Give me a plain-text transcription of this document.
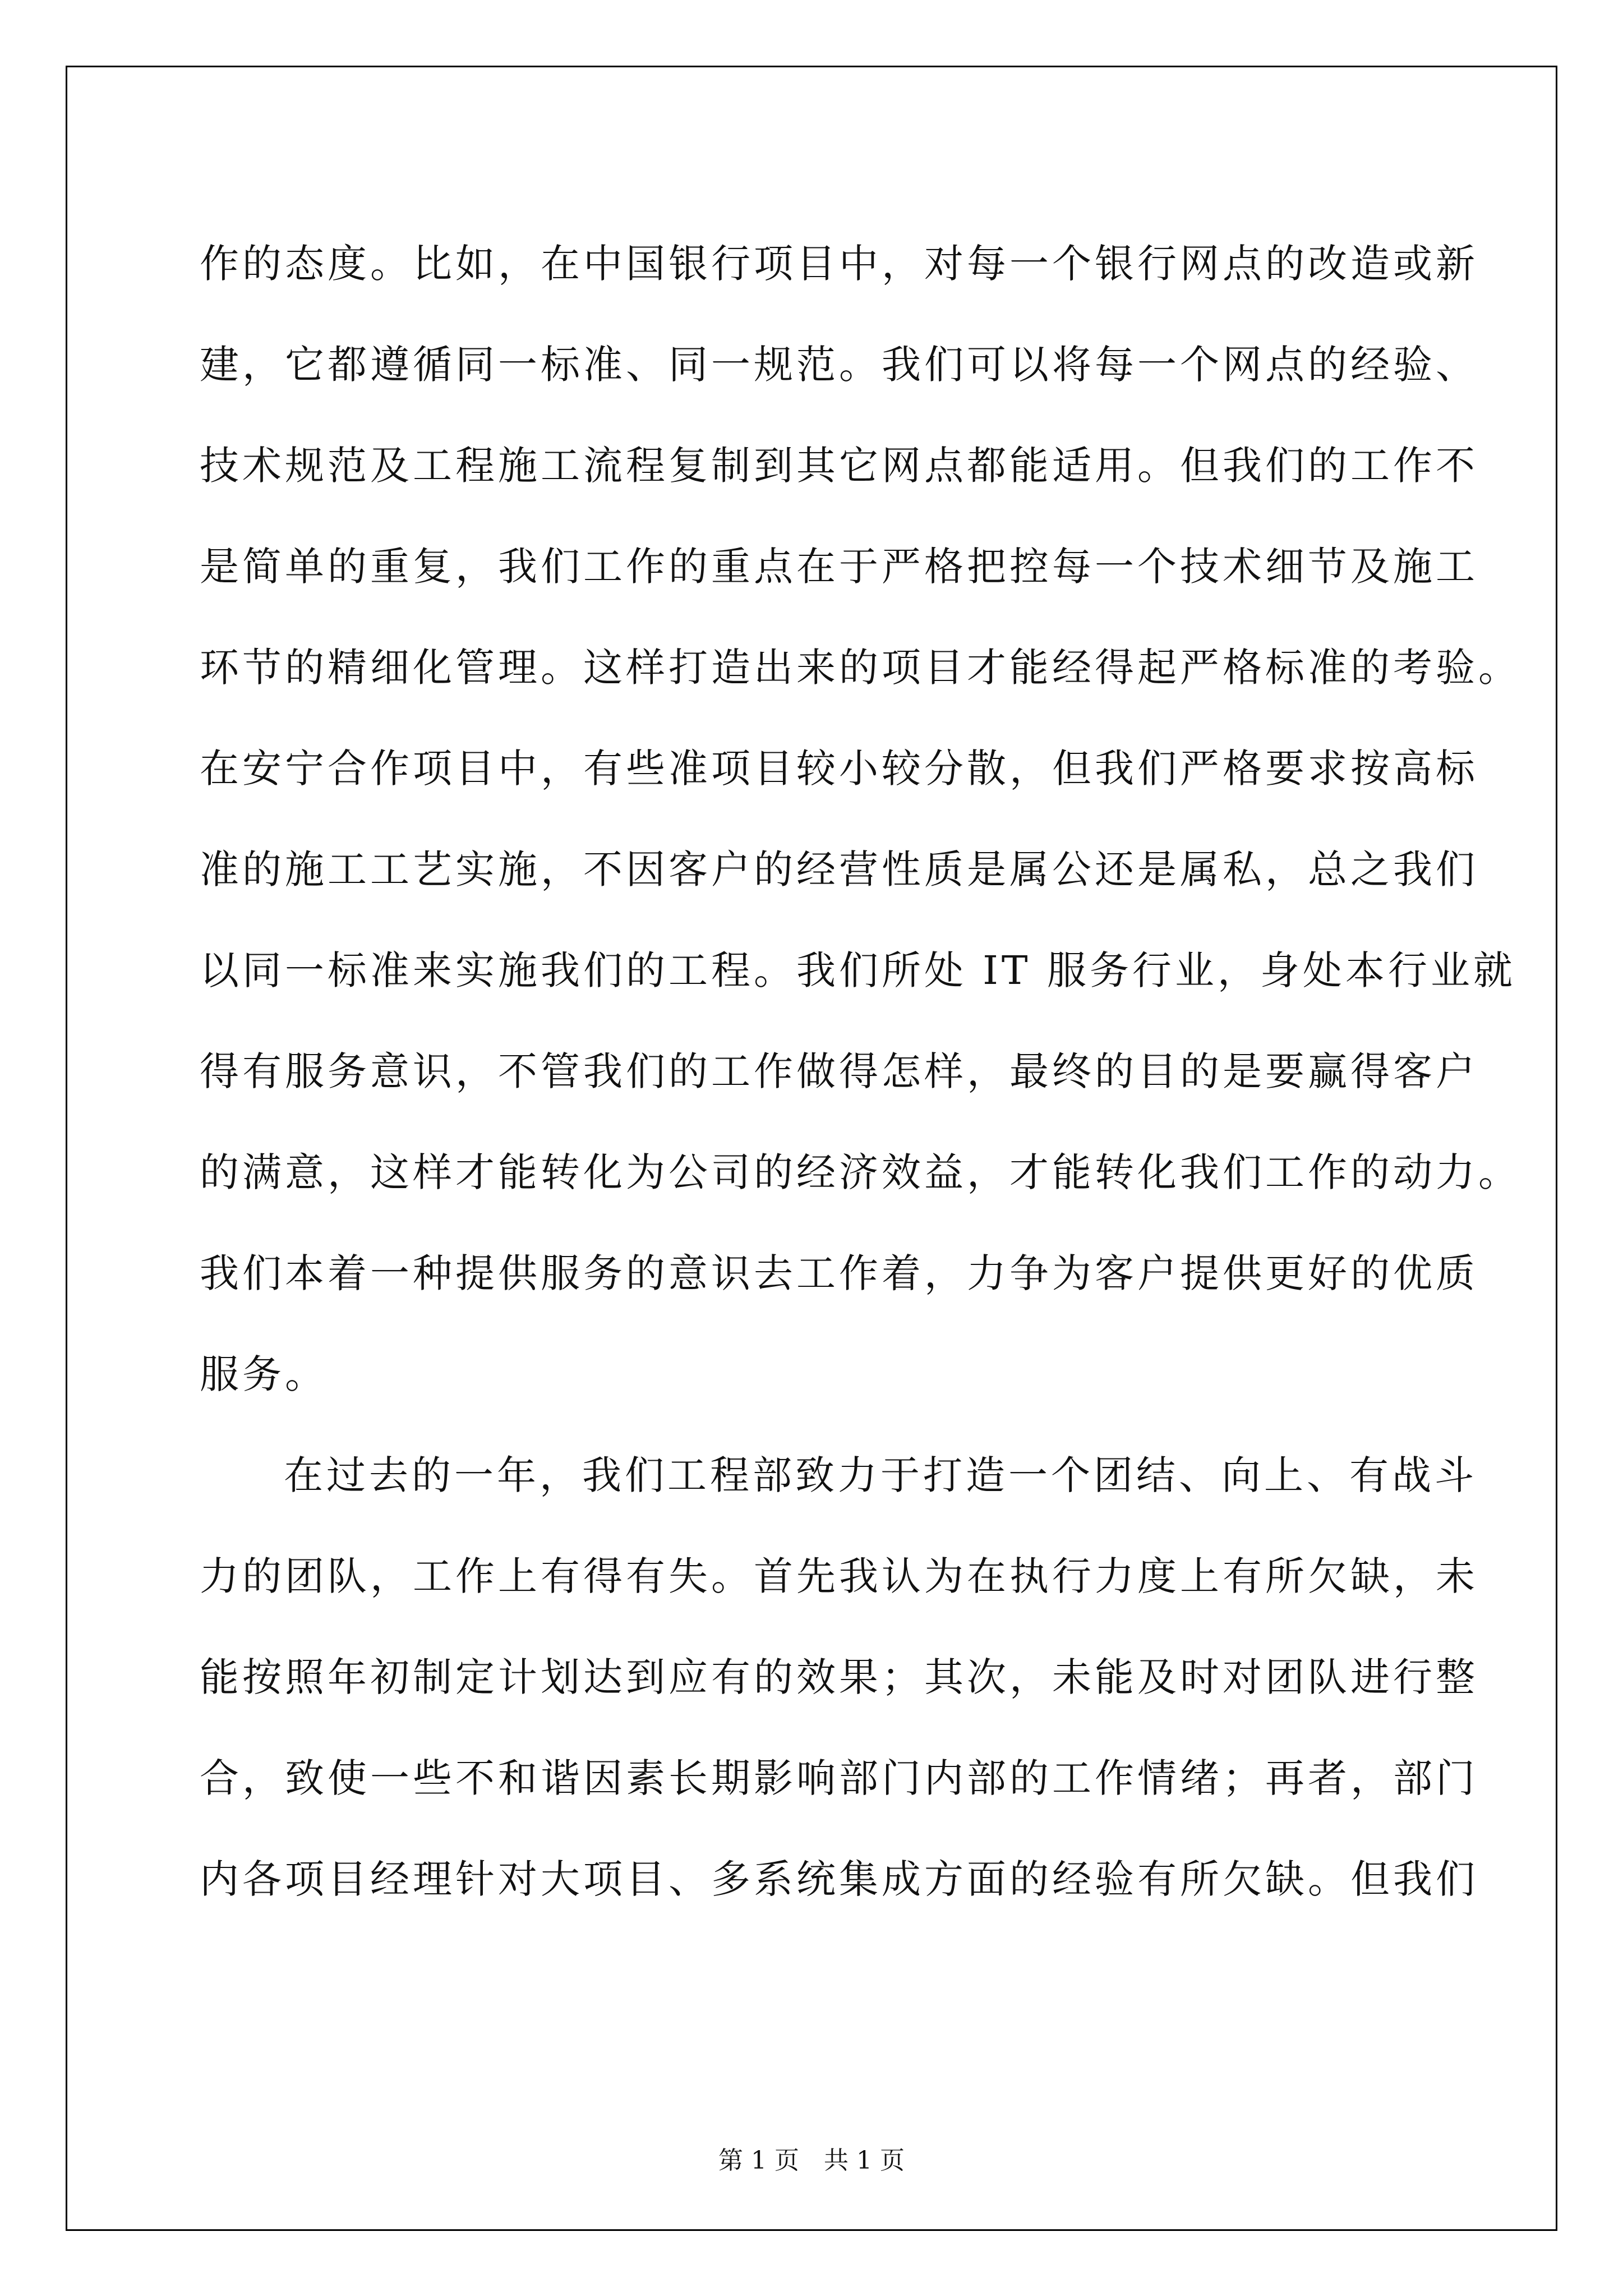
作的态度。比如，在中国银行项目中，对每一个银行网点的改造或新
建，它都遵循同一标准、同一规范。我们可以将每一个网点的经验、
技术规范及工程施工流程复制到其它网点都能适用。但我们的工作不
是简单的重复，我们工作的重点在于严格把控每一个技术细节及施工
环节的精细化管理。这样打造出来的项目才能经得起严格标准的考验。
在安宁合作项目中，有些准项目较小较分散，但我们严格要求按高标
准的施工工艺实施，不因客户的经营性质是属公还是属私，总之我们
以同一标准来实施我们的工程。我们所处 IT 服务行业，身处本行业就
得有服务意识，不管我们的工作做得怎样，最终的目的是要赢得客户
的满意，这样才能转化为公司的经济效益，才能转化我们工作的动力。
我们本着一种提供服务的意识去工作着，力争为客户提供更好的优质
服务。
在过去的一年，我们工程部致力于打造一个团结、向上、有战斗
力的团队，工作上有得有失。首先我认为在执行力度上有所欠缺，未
能按照年初制定计划达到应有的效果；其次，未能及时对团队进行整
合，致使一些不和谐因素长期影响部门内部的工作情绪；再者，部门
内各项目经理针对大项目、多系统集成方面的经验有所欠缺。但我们
第 1 页　共 1 页
